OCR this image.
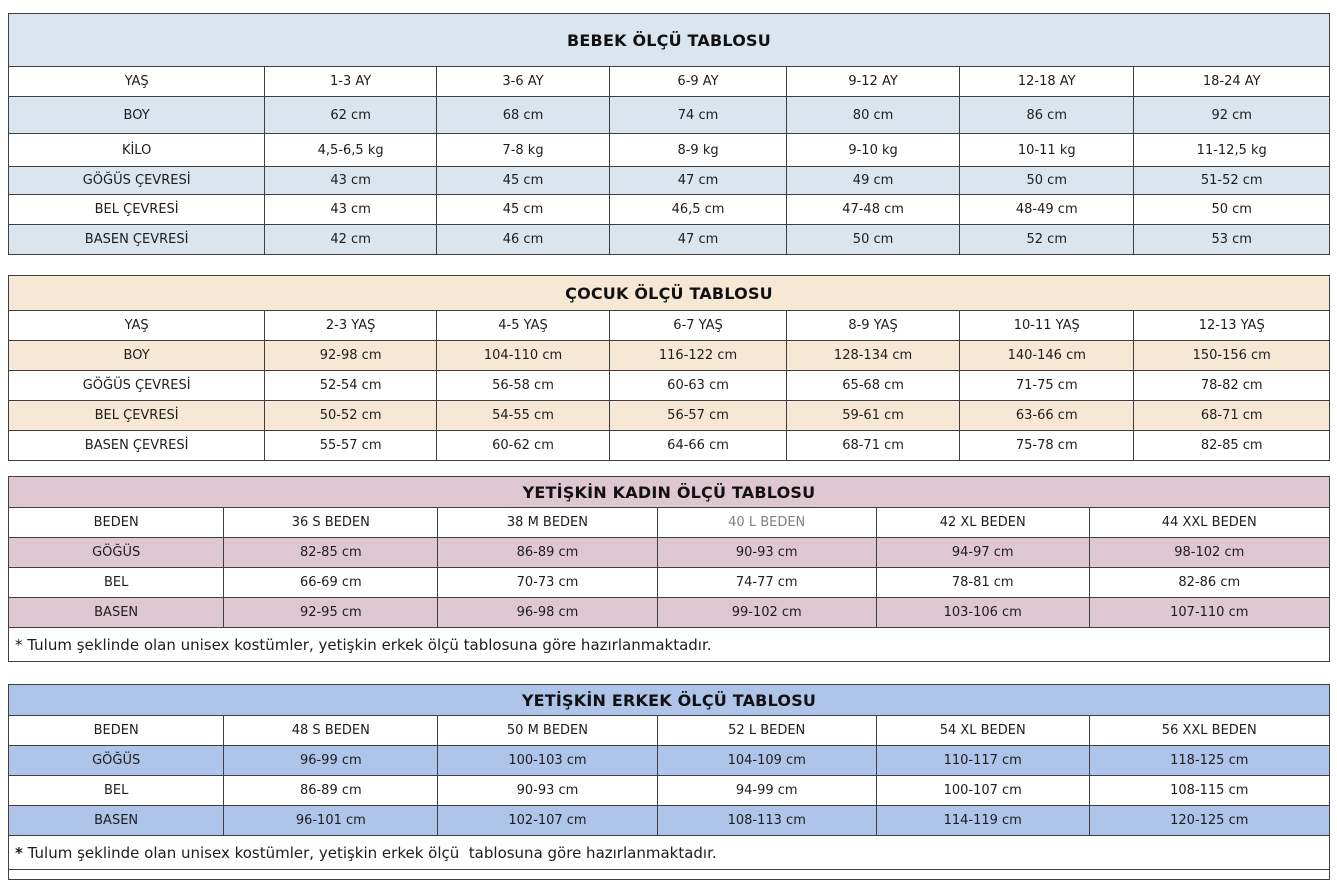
BEBEK ÖLÇÜ TABLOSU						
YAŞ	1-3 AY	3-6 AY	6-9 AY	9-12 AY	12-18 AY	18-24 AY
BOY	62 cm	68 cm	74 cm	80 cm	86 cm	92 cm
KİLO	4,5-6,5 kg	7-8 kg	8-9 kg	9-10 kg	10-11 kg	11-12,5 kg
GÖĞÜS ÇEVRESİ	43 cm	45 cm	47 cm	49 cm	50 cm	51-52 cm
BEL ÇEVRESİ	43 cm	45 cm	46,5 cm	47-48 cm	48-49 cm	50 cm
BASEN ÇEVRESİ	42 cm	46 cm	47 cm	50 cm	52 cm	53 cm
ÇOCUK ÖLÇÜ TABLOSU						
YAŞ	2-3 YAŞ	4-5 YAŞ	6-7 YAŞ	8-9 YAŞ	10-11 YAŞ	12-13 YAŞ
BOY	92-98 cm	104-110 cm	116-122 cm	128-134 cm	140-146 cm	150-156 cm
GÖĞÜS ÇEVRESİ	52-54 cm	56-58 cm	60-63 cm	65-68 cm	71-75 cm	78-82 cm
BEL ÇEVRESİ	50-52 cm	54-55 cm	56-57 cm	59-61 cm	63-66 cm	68-71 cm
BASEN ÇEVRESİ	55-57 cm	60-62 cm	64-66 cm	68-71 cm	75-78 cm	82-85 cm
YETİŞKİN KADIN ÖLÇÜ TABLOSU					
BEDEN	36 S BEDEN	38 M BEDEN	40 L BEDEN	42 XL BEDEN	44 XXL BEDEN
GÖĞÜS	82-85 cm	86-89 cm	90-93 cm	94-97 cm	98-102 cm
BEL	66-69 cm	70-73 cm	74-77 cm	78-81 cm	82-86 cm
BASEN	92-95 cm	96-98 cm	99-102 cm	103-106 cm	107-110 cm
* Tulum şeklinde olan unisex kostümler, yetişkin erkek ölçü tablosuna göre hazırlanmaktadır.					
YETİŞKİN ERKEK ÖLÇÜ TABLOSU					
BEDEN	48 S BEDEN	50 M BEDEN	52 L BEDEN	54 XL BEDEN	56 XXL BEDEN
GÖĞÜS	96-99 cm	100-103 cm	104-109 cm	110-117 cm	118-125 cm
BEL	86-89 cm	90-93 cm	94-99 cm	100-107 cm	108-115 cm
BASEN	96-101 cm	102-107 cm	108-113 cm	114-119 cm	120-125 cm
* Tulum şeklinde olan unisex kostümler, yetişkin erkek ölçü  tablosuna göre hazırlanmaktadır.					
